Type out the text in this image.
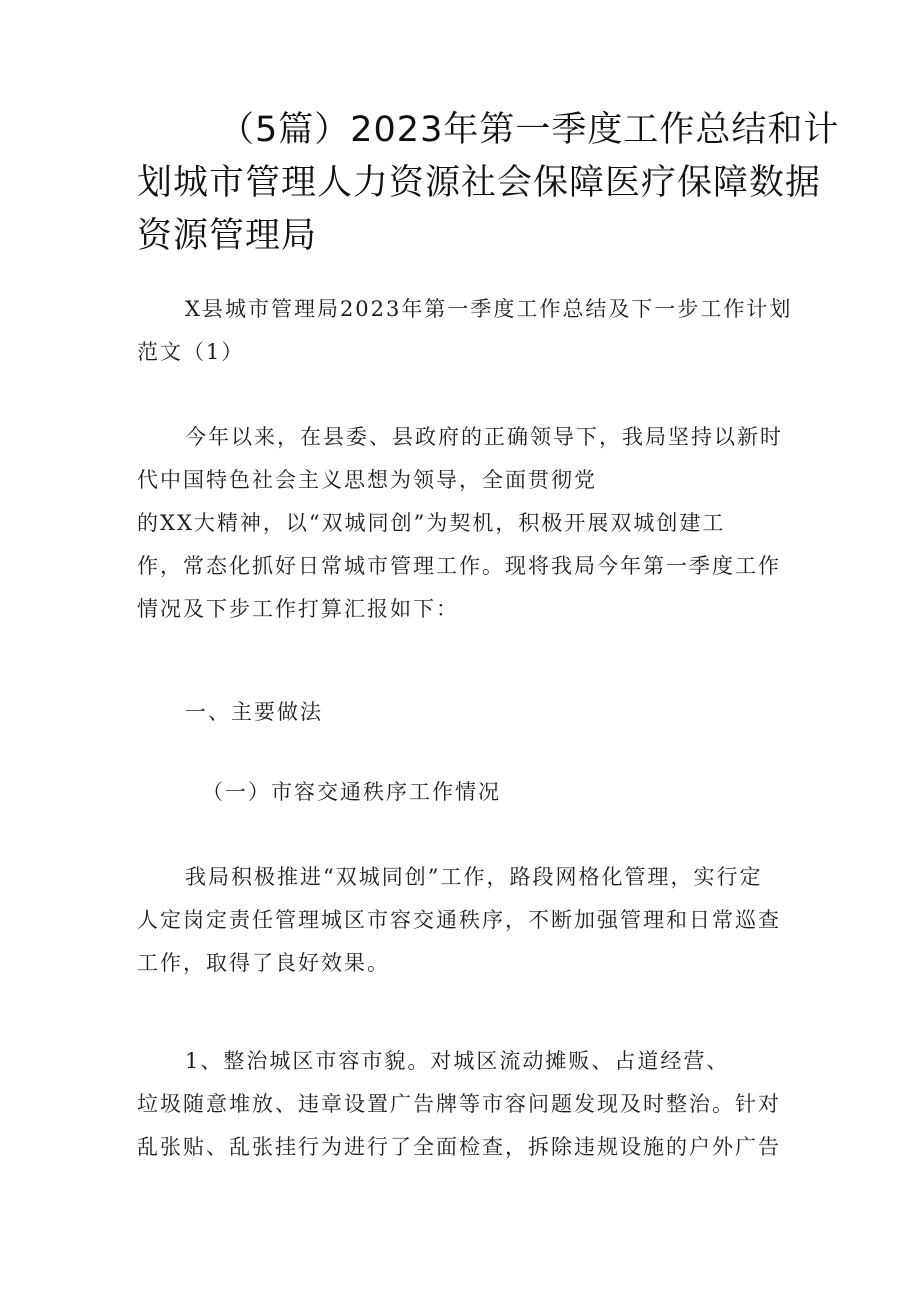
（5篇）2023年第一季度工作总结和计
划城市管理人力资源社会保障医疗保障数据
资源管理局

X县城市管理局2023年第一季度工作总结及下一步工作计划
范文（1）

今年以来，在县委、县政府的正确领导下，我局坚持以新时
代中国特色社会主义思想为领导，全面贯彻党
的XX大精神，以“双城同创”为契机，积极开展双城创建工
作，常态化抓好日常城市管理工作。现将我局今年第一季度工作
情况及下步工作打算汇报如下：

一、主要做法

（一）市容交通秩序工作情况

我局积极推进“双城同创”工作，路段网格化管理，实行定
人定岗定责任管理城区市容交通秩序，不断加强管理和日常巡查
工作，取得了良好效果。

1、整治城区市容市貌。对城区流动摊贩、占道经营、
垃圾随意堆放、违章设置广告牌等市容问题发现及时整治。针对
乱张贴、乱张挂行为进行了全面检查，拆除违规设施的户外广告
